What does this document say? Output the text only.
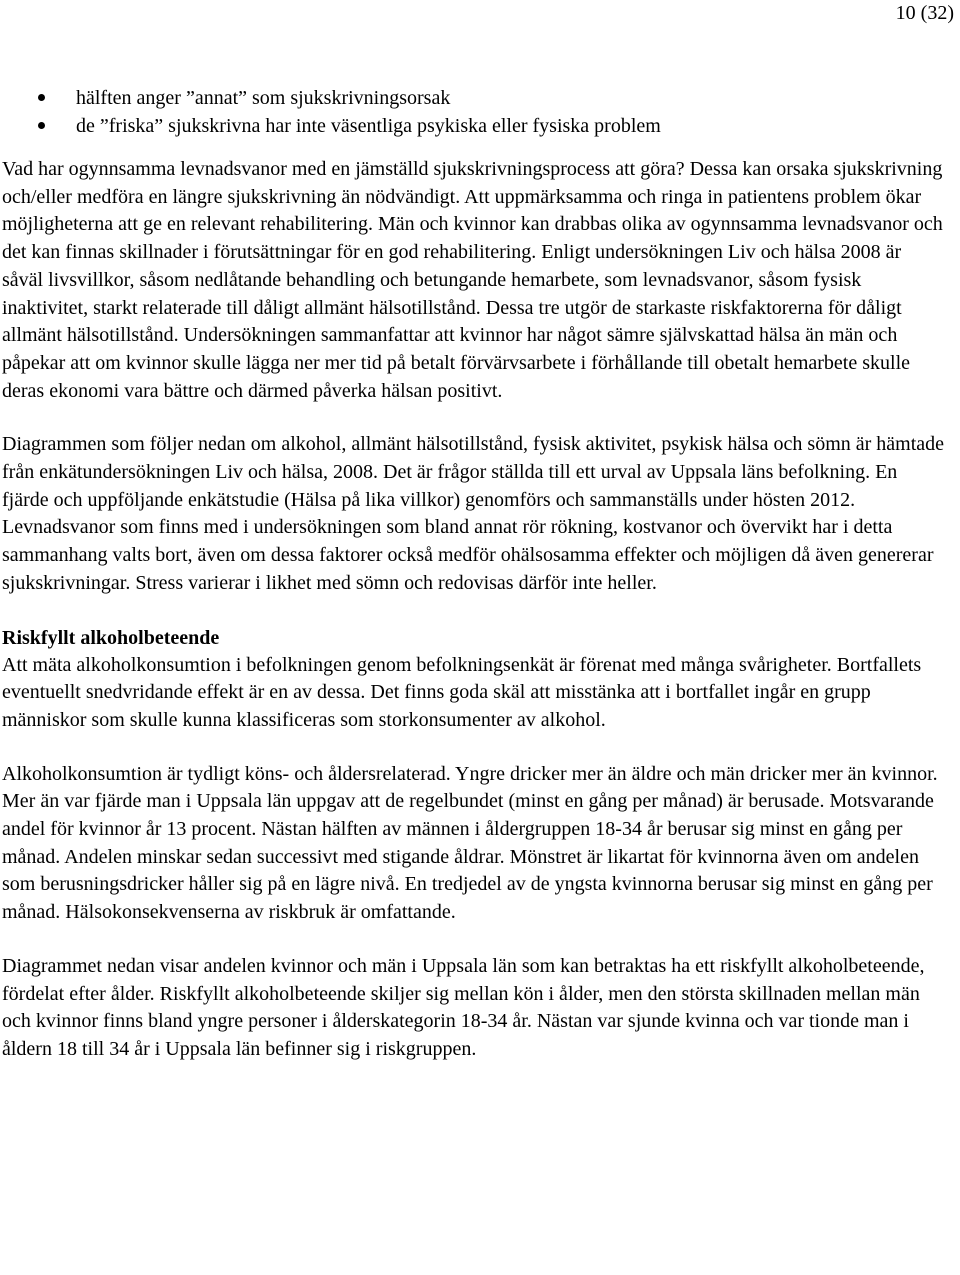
10 (32)
hälften anger ”annat” som sjukskrivningsorsak
de ”friska” sjukskrivna har inte väsentliga psykiska eller fysiska problem

Vad har ogynnsamma levnadsvanor med en jämställd sjukskrivningsprocess att göra? Dessa kan orsaka sjukskrivning och/eller medföra en längre sjukskrivning än nödvändigt. Att uppmärksamma och ringa in patientens problem ökar möjligheterna att ge en relevant rehabilitering. Män och kvinnor kan drabbas olika av ogynnsamma levnadsvanor och det kan finnas skillnader i förutsättningar för en god rehabilitering. Enligt undersökningen Liv och hälsa 2008 är såväl livsvillkor, såsom nedlåtande behandling och betungande hemarbete, som levnadsvanor, såsom fysisk inaktivitet, starkt relaterade till dåligt allmänt hälsotillstånd. Dessa tre utgör de starkaste riskfaktorerna för dåligt allmänt hälsotillstånd. Undersökningen sammanfattar att kvinnor har något sämre självskattad hälsa än män och påpekar att om kvinnor skulle lägga ner mer tid på betalt förvärvsarbete i förhållande till obetalt hemarbete skulle deras ekonomi vara bättre och därmed påverka hälsan positivt.

Diagrammen som följer nedan om alkohol, allmänt hälsotillstånd, fysisk aktivitet, psykisk hälsa och sömn är hämtade från enkätundersökningen Liv och hälsa, 2008. Det är frågor ställda till ett urval av Uppsala läns befolkning. En fjärde och uppföljande enkätstudie (Hälsa på lika villkor) genomförs och sammanställs under hösten 2012. Levnadsvanor som finns med i undersökningen som bland annat rör rökning, kostvanor och övervikt har i detta sammanhang valts bort, även om dessa faktorer också medför ohälsosamma effekter och möjligen då även genererar sjukskrivningar. Stress varierar i likhet med sömn och redovisas därför inte heller.

Riskfyllt alkoholbeteende

Att mäta alkoholkonsumtion i befolkningen genom befolkningsenkät är förenat med många svårigheter. Bortfallets eventuellt snedvridande effekt är en av dessa. Det finns goda skäl att misstänka att i bortfallet ingår en grupp människor som skulle kunna klassificeras som storkonsumenter av alkohol.

Alkoholkonsumtion är tydligt köns- och åldersrelaterad. Yngre dricker mer än äldre och män dricker mer än kvinnor. Mer än var fjärde man i Uppsala län uppgav att de regelbundet (minst en gång per månad) är berusade. Motsvarande andel för kvinnor år 13 procent. Nästan hälften av männen i åldergruppen 18-34 år berusar sig minst en gång per månad. Andelen minskar sedan successivt med stigande åldrar. Mönstret är likartat för kvinnorna även om andelen som berusningsdricker håller sig på en lägre nivå. En tredjedel av de yngsta kvinnorna berusar sig minst en gång per månad. Hälsokonsekvenserna av riskbruk är omfattande.

Diagrammet nedan visar andelen kvinnor och män i Uppsala län som kan betraktas ha ett riskfyllt alkoholbeteende, fördelat efter ålder. Riskfyllt alkoholbeteende skiljer sig mellan kön i ålder, men den största skillnaden mellan män och kvinnor finns bland yngre personer i ålderskategorin 18-34 år. Nästan var sjunde kvinna och var tionde man i åldern 18 till 34 år i Uppsala län befinner sig i riskgruppen.
